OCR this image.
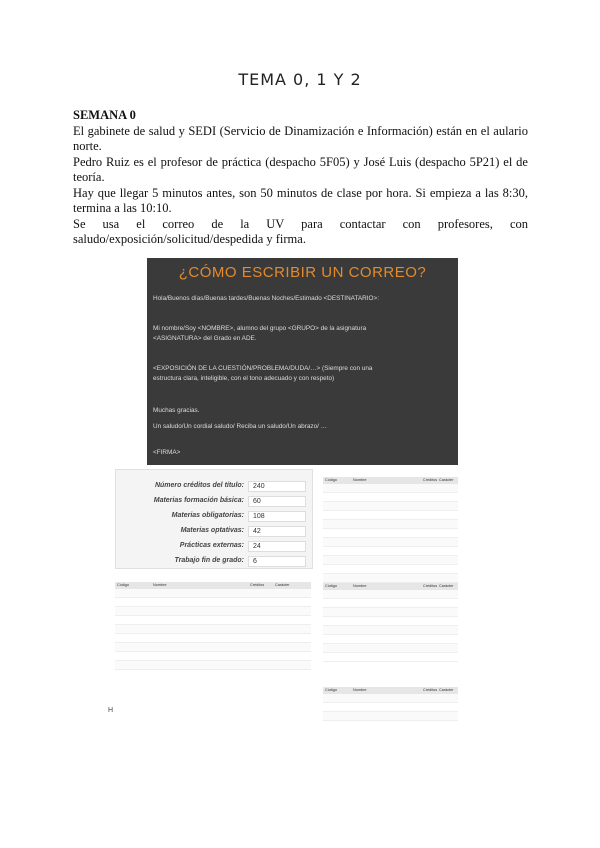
TEMA 0, 1 Y 2

SEMANA 0

El gabinete de salud y SEDI (Servicio de Dinamización e Información) están en el aulario norte.

Pedro Ruiz es el profesor de práctica (despacho 5F05) y José Luis (despacho 5P21) el de teoría.

Hay que llegar 5 minutos antes, son 50 minutos de clase por hora. Si empieza a las 8:30, termina a las 10:10.

Se usa el correo de la UV para contactar con profesores, con saludo/exposición/solicitud/despedida y firma.

¿CÓMO ESCRIBIR UN CORREO?
Hola/Buenos días/Buenas tardes/Buenas Noches/Estimado <DESTINATARIO>:
Mi nombre/Soy <NOMBRE>, alumno del grupo <GRUPO> de la asignatura
<ASIGNATURA> del Grado en ADE.
<EXPOSICIÓN DE LA CUESTIÓN/PROBLEMA/DUDA/…> (Siempre con una
estructura clara, inteligible, con el tono adecuado y con respeto)
Muchas gracias.
Un saludo/Un cordial saludo/ Reciba un saludo/Un abrazo/ …
<FIRMA>
Número créditos del título:	240
Materias formación básica:	60
Materias obligatorias:	108
Materias optativas:	42
Prácticas externas:	24
Trabajo fin de grado:	6

Código	Nombre	Créditos Carácter

Código	Nombre	Créditos Carácter

Código	Nombre	Créditos	Carácter

Código	Nombre	Créditos Carácter
H
